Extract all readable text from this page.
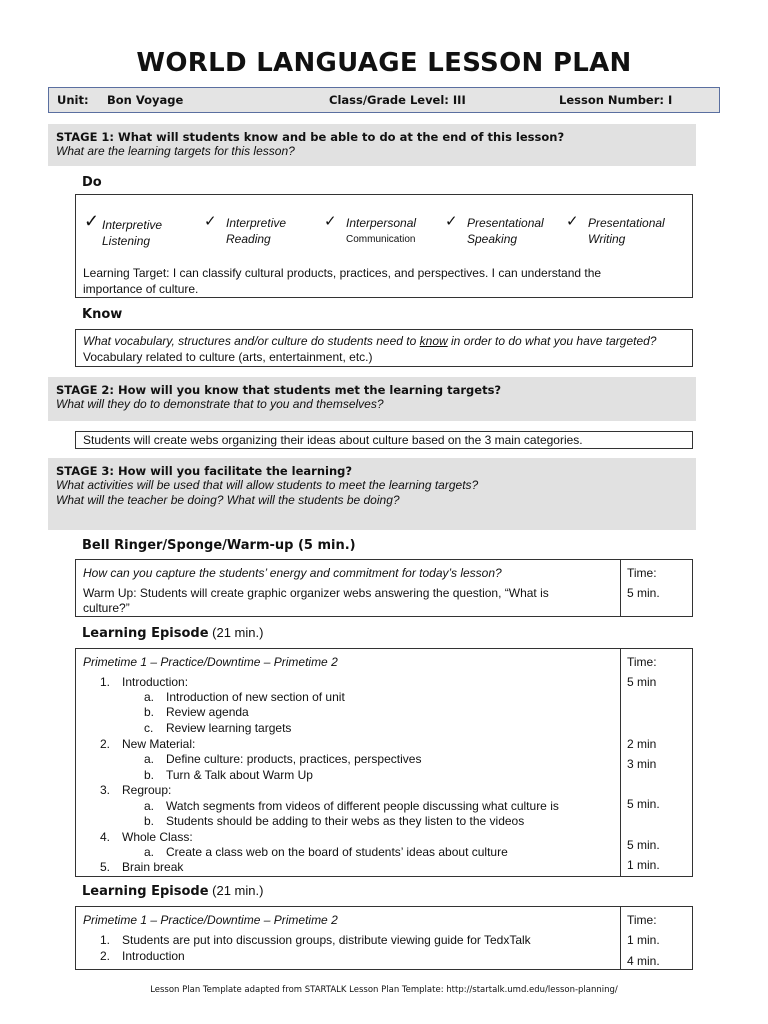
WORLD LANGUAGE LESSON PLAN
Unit: Bon Voyage	Class/Grade Level: III	Lesson Number: I
STAGE 1: What will students know and be able to do at the end of this lesson?
What are the learning targets for this lesson?
Do
✓ Interpretive
Listening
✓ Interpretive
Reading
✓ Interpersonal
Communication
✓ Presentational
Speaking
✓ Presentational
Writing
Learning Target: I can classify cultural products, practices, and perspectives. I can understand the
importance of culture.
Know
What vocabulary, structures and/or culture do students need to know in order to do what you have targeted?
Vocabulary related to culture (arts, entertainment, etc.)
STAGE 2: How will you know that students met the learning targets?
What will they do to demonstrate that to you and themselves?
Students will create webs organizing their ideas about culture based on the 3 main categories.
STAGE 3: How will you facilitate the learning?
What activities will be used that will allow students to meet the learning targets?
What will the teacher be doing? What will the students be doing?
Bell Ringer/Sponge/Warm-up (5 min.)
How can you capture the students’ energy and commitment for today’s lesson?
Warm Up: Students will create graphic organizer webs answering the question, “What is
culture?”
Time:
5 min.
Learning Episode (21 min.)
Primetime 1 – Practice/Downtime – Primetime 2
1. Introduction:
a. Introduction of new section of unit
b. Review agenda
c. Review learning targets
2. New Material:
a. Define culture: products, practices, perspectives
b. Turn & Talk about Warm Up
3. Regroup:
a. Watch segments from videos of different people discussing what culture is
b. Students should be adding to their webs as they listen to the videos
4. Whole Class:
a. Create a class web on the board of students’ ideas about culture
5. Brain break
Time:
5 min
2 min
3 min
5 min.
5 min.
1 min.
Learning Episode (21 min.)
Primetime 1 – Practice/Downtime – Primetime 2
1. Students are put into discussion groups, distribute viewing guide for TedxTalk
2. Introduction
Time:
1 min.
4 min.
Lesson Plan Template adapted from STARTALK Lesson Plan Template: http://startalk.umd.edu/lesson-planning/
